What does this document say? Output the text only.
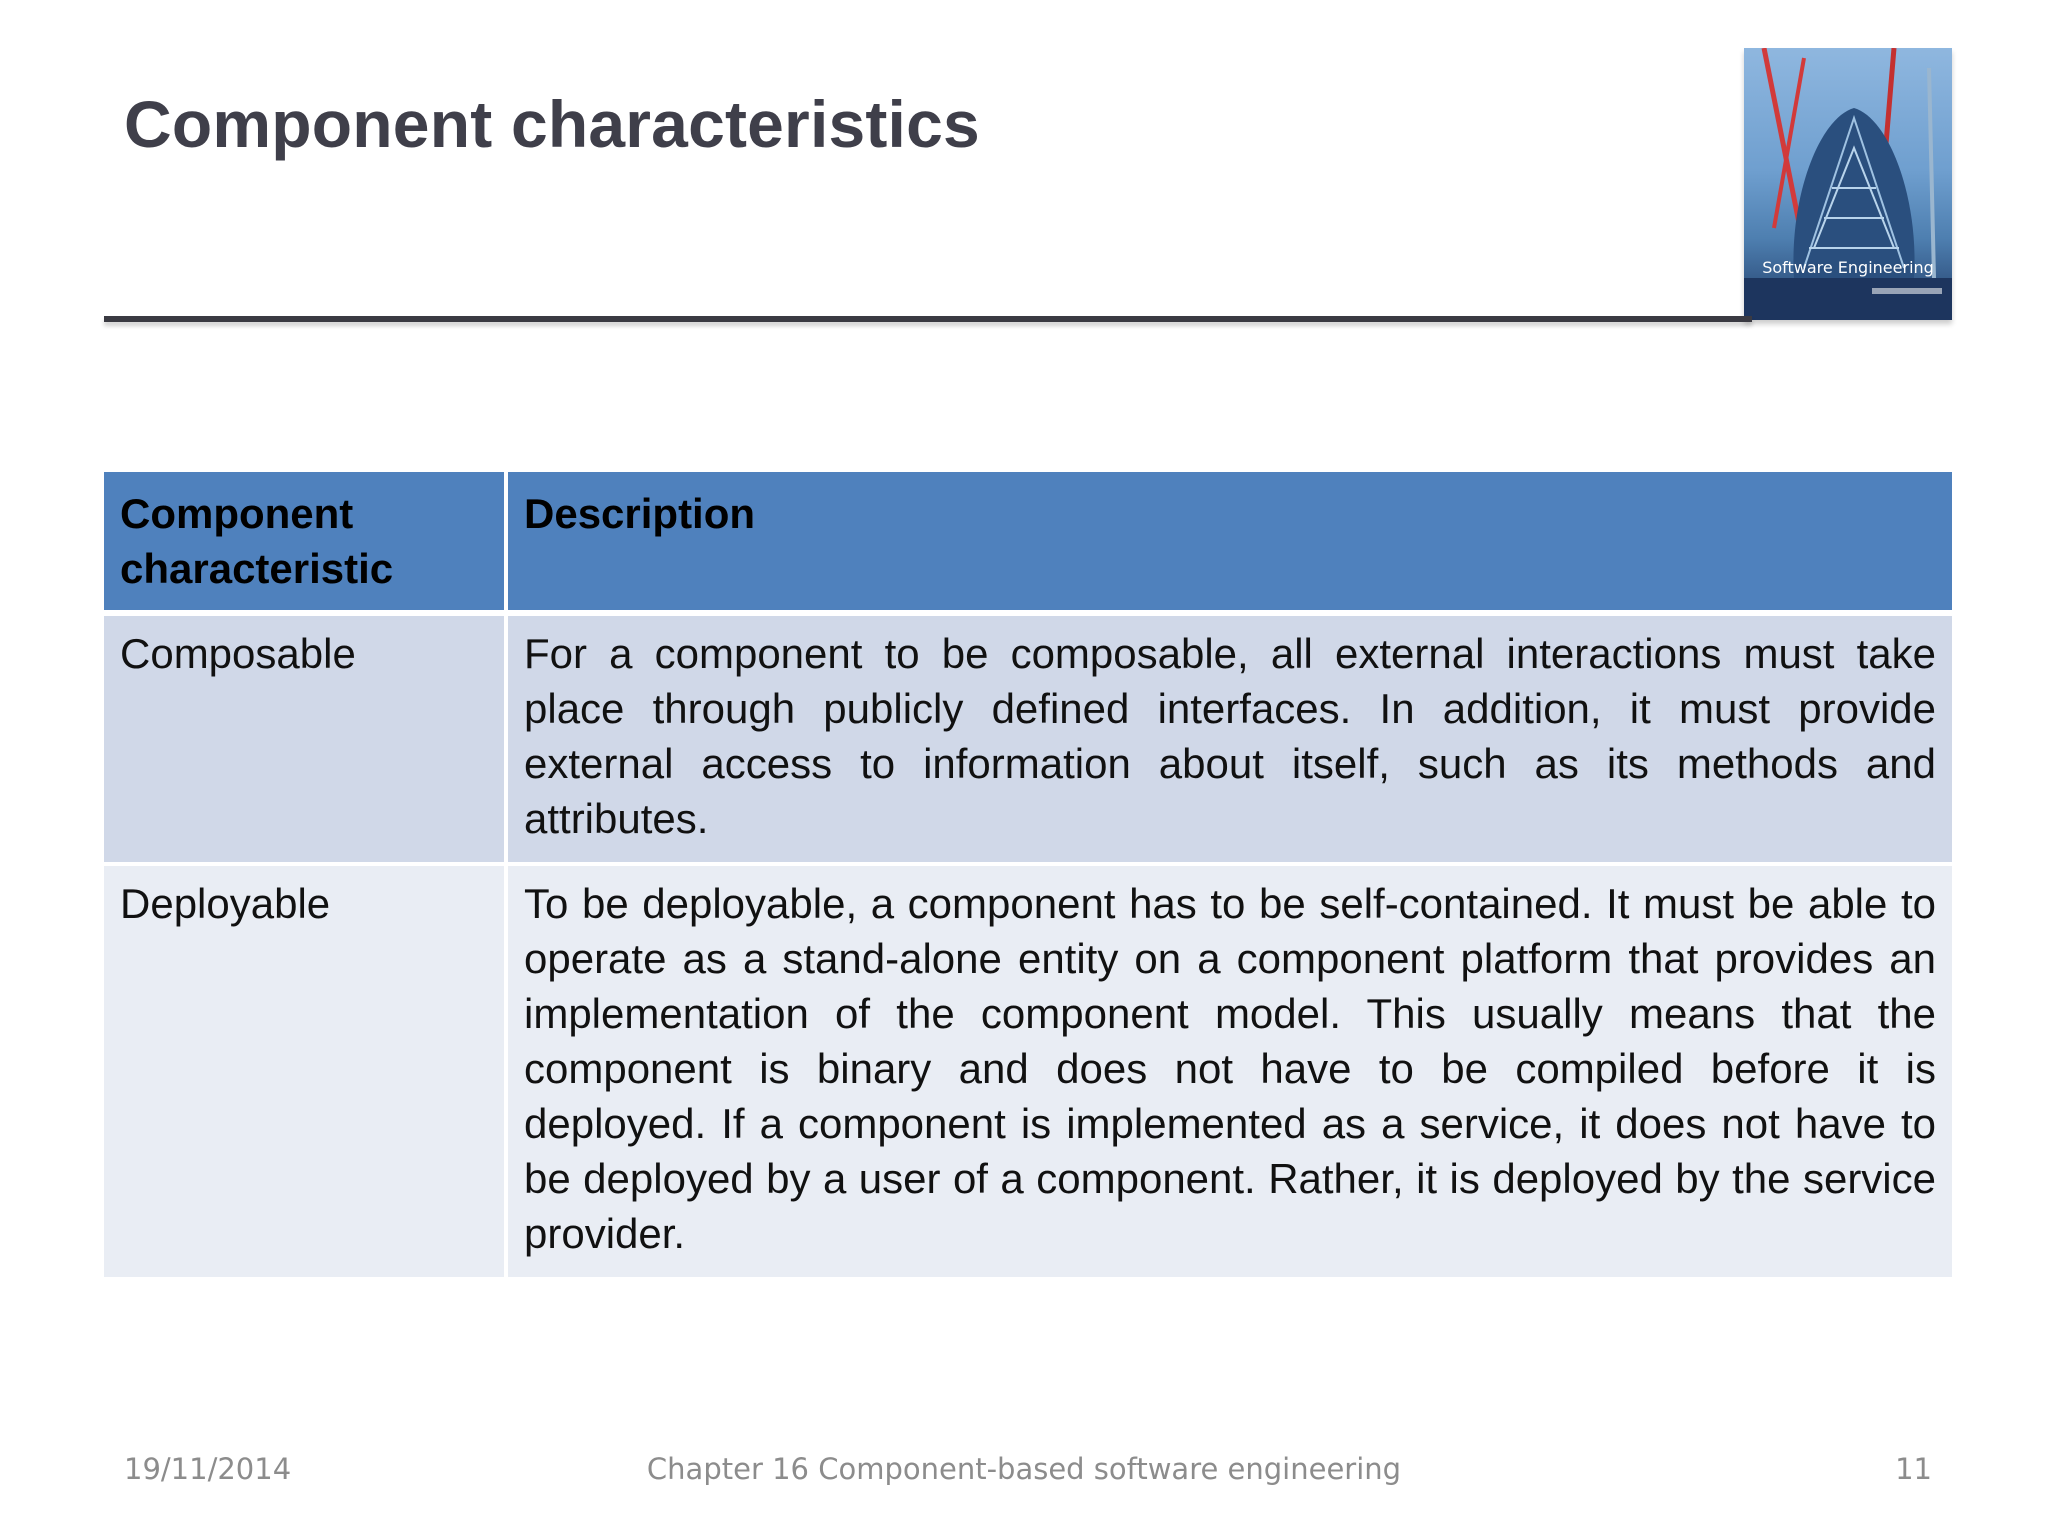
Component characteristics
Software Engineering
Component characteristic	Description
Composable	For a component to be composable, all external interactions must take place through publicly defined interfaces. In addition, it must provide external access to information about itself, such as its methods and attributes.
Deployable	To be deployable, a component has to be self-contained. It must be able to operate as a stand-alone entity on a component platform that provides an implementation of the component model. This usually means that the component is binary and does not have to be compiled before it is deployed. If a component is implemented as a service, it does not have to be deployed by a user of a component. Rather, it is deployed by the service provider.
19/11/2014	Chapter 16 Component-based software engineering	11
